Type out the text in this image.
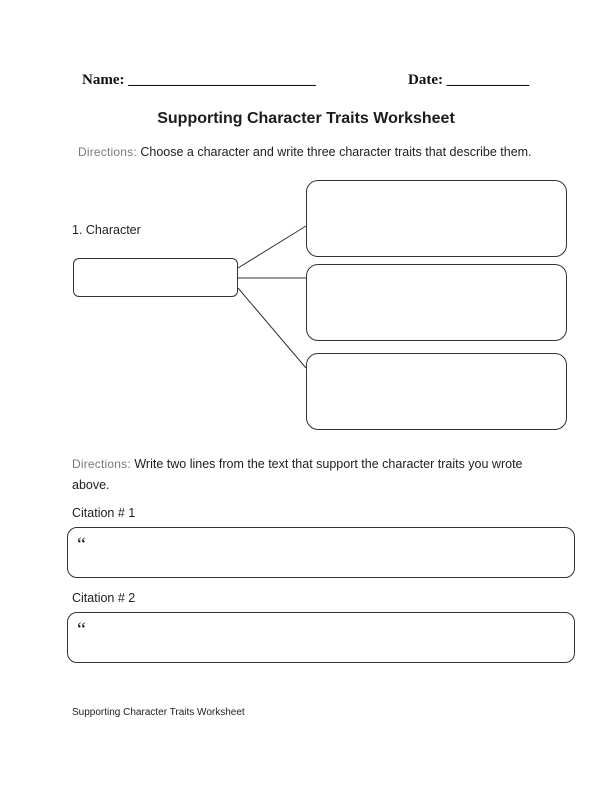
Name: _________________________	Date: ___________
Supporting Character Traits Worksheet
Directions: Choose a character and write three character traits that describe them.
1. Character
Directions: Write two lines from the text that support the character traits you wrote above.
Citation # 1
“
Citation # 2
“
Supporting Character Traits Worksheet
